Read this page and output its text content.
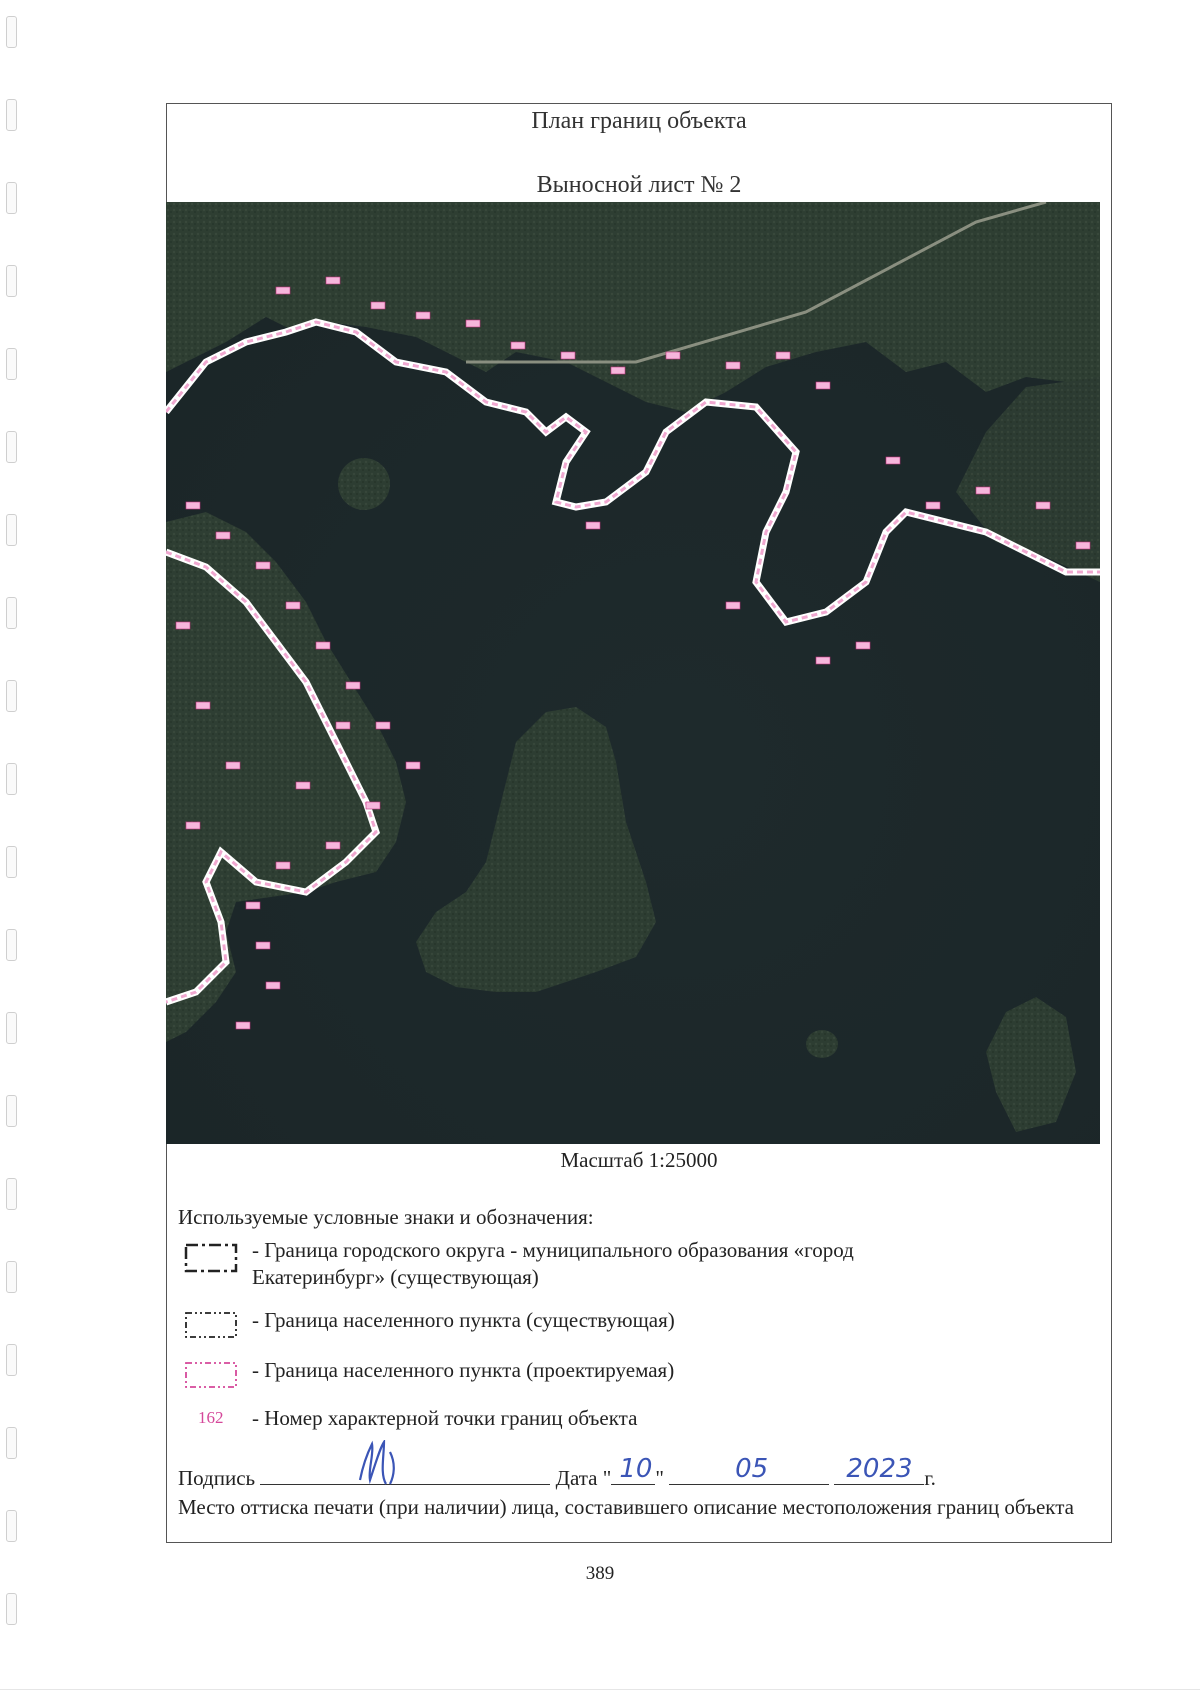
План границ объекта
Выносной лист № 2
Масштаб 1:25000
Используемые условные знаки и обозначения:
- Граница городского округа - муниципального образования «город
Екатеринбург» (существующая)
- Граница населенного пункта (существующая)
- Граница населенного пункта (проектируемая)
162 - Номер характерной точки границ объекта
Подпись	Дата " 10 "	05
	2023 г.
Место оттиска печати (при наличии) лица, составившего описание местоположения границ объекта
389
